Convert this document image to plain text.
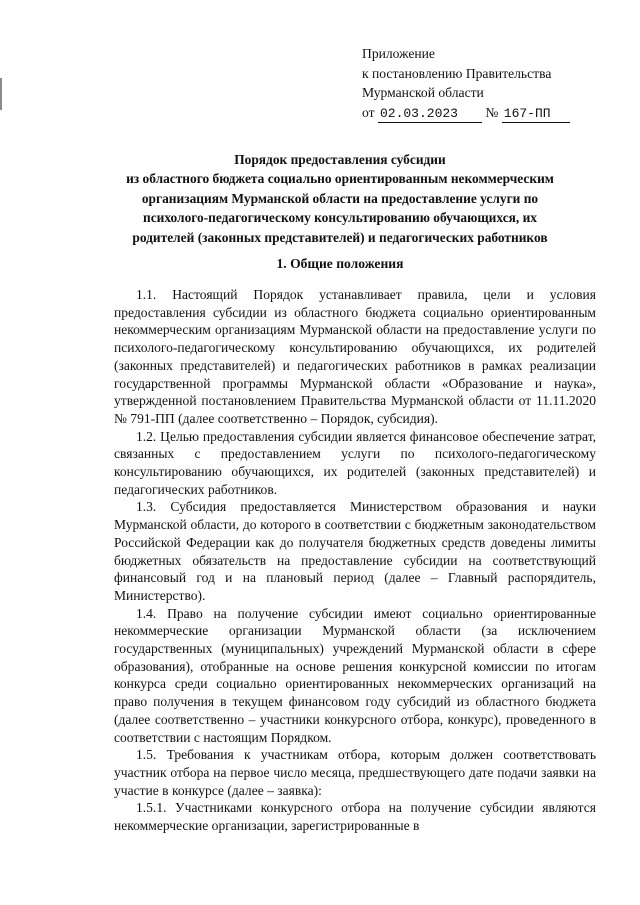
Приложение
к постановлению Правительства
Мурманской области
от 02.03.2023 № 167-ПП
Порядок предоставления субсидии
из областного бюджета социально ориентированным некоммерческим
организациям Мурманской области на предоставление услуги по
психолого-педагогическому консультированию обучающихся, их
родителей (законных представителей) и педагогических работников
1. Общие положения

1.1. Настоящий Порядок устанавливает правила, цели и условия предоставления субсидии из областного бюджета социально ориентированным некоммерческим организациям Мурманской области на предоставление услуги по психолого-педагогическому консультированию обучающихся, их родителей (законных представителей) и педагогических работников в рамках реализации государственной программы Мурманской области «Образование и наука», утвержденной постановлением Правительства Мурманской области от 11.11.2020 № 791-ПП (далее соответственно – Порядок, субсидия).

1.2. Целью предоставления субсидии является финансовое обеспечение затрат, связанных с предоставлением услуги по психолого-педагогическому консультированию обучающихся, их родителей (законных представителей) и педагогических работников.

1.3. Субсидия предоставляется Министерством образования и науки Мурманской области, до которого в соответствии с бюджетным законодательством Российской Федерации как до получателя бюджетных средств доведены лимиты бюджетных обязательств на предоставление субсидии на соответствующий финансовый год и на плановый период (далее – Главный распорядитель, Министерство).

1.4. Право на получение субсидии имеют социально ориентированные некоммерческие организации Мурманской области (за исключением государственных (муниципальных) учреждений Мурманской области в сфере образования), отобранные на основе решения конкурсной комиссии по итогам конкурса среди социально ориентированных некоммерческих организаций на право получения в текущем финансовом году субсидий из областного бюджета (далее соответственно – участники конкурсного отбора, конкурс), проведенного в соответствии с настоящим Порядком.

1.5. Требования к участникам отбора, которым должен соответствовать участник отбора на первое число месяца, предшествующего дате подачи заявки на участие в конкурсе (далее – заявка):

1.5.1. Участниками конкурсного отбора на получение субсидии являются некоммерческие организации, зарегистрированные в
